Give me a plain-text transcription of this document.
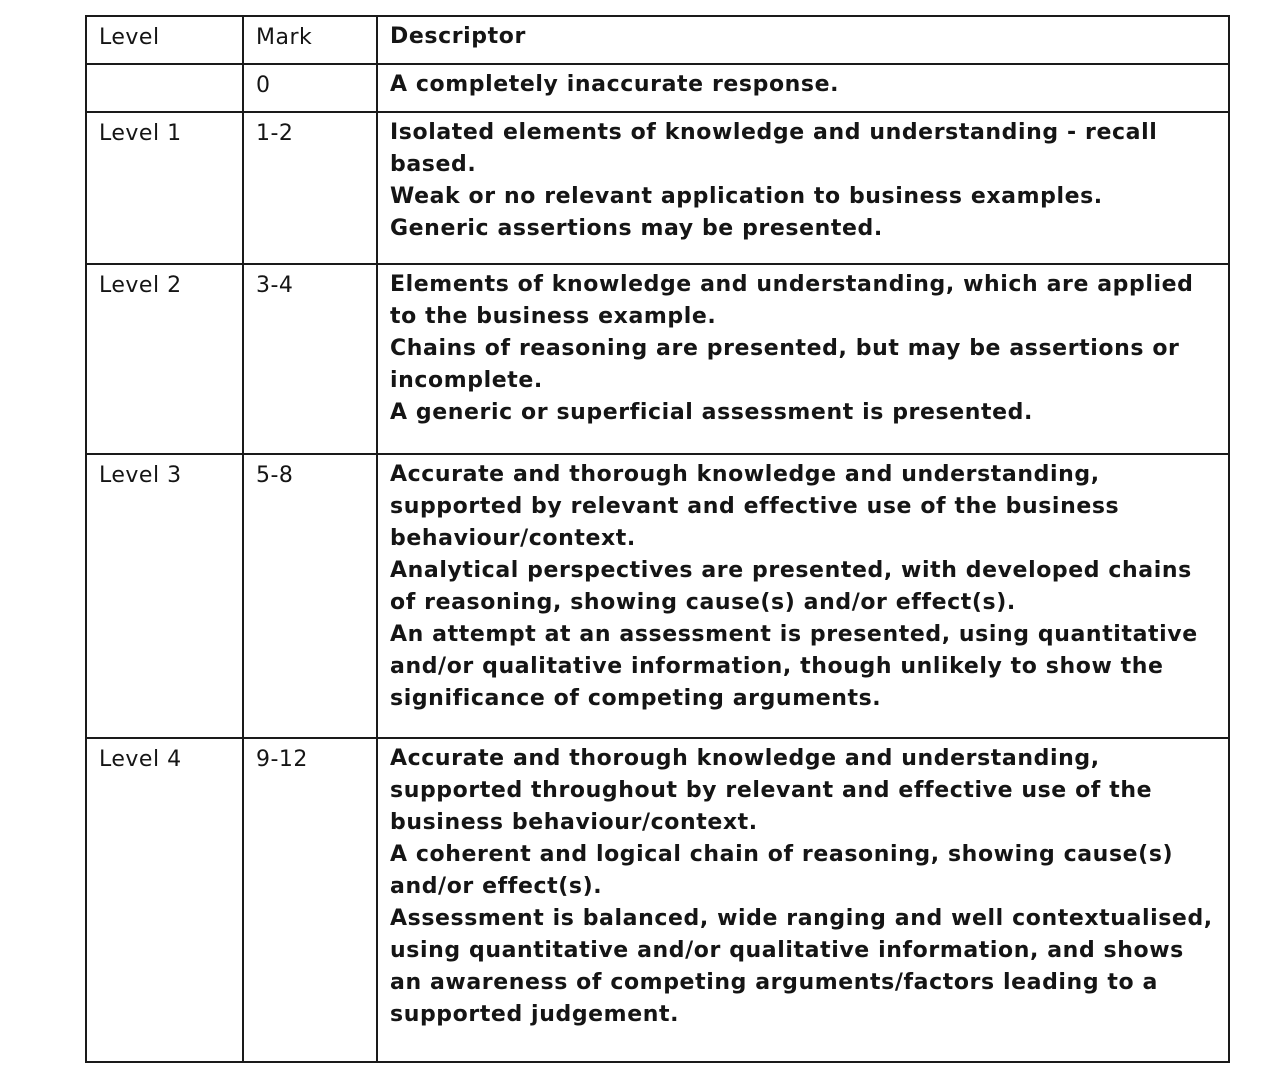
Level	Mark	Descriptor

	0	A completely inaccurate response.

Level 1	1-2	Isolated elements of knowledge and understanding - recall based.
Weak or no relevant application to business examples.
Generic assertions may be presented.

Level 2	3-4	Elements of knowledge and understanding, which are applied to the business example.
Chains of reasoning are presented, but may be assertions or incomplete.
A generic or superficial assessment is presented.

Level 3	5-8	Accurate and thorough knowledge and understanding, supported by relevant and effective use of the business behaviour/context.
Analytical perspectives are presented, with developed chains of reasoning, showing cause(s) and/or effect(s).
An attempt at an assessment is presented, using quantitative and/or qualitative information, though unlikely to show the significance of competing arguments.

Level 4	9-12	Accurate and thorough knowledge and understanding, supported throughout by relevant and effective use of the business behaviour/context.
A coherent and logical chain of reasoning, showing cause(s) and/or effect(s).
Assessment is balanced, wide ranging and well contextualised, using quantitative and/or qualitative information, and shows an awareness of competing arguments/factors leading to a supported judgement.
